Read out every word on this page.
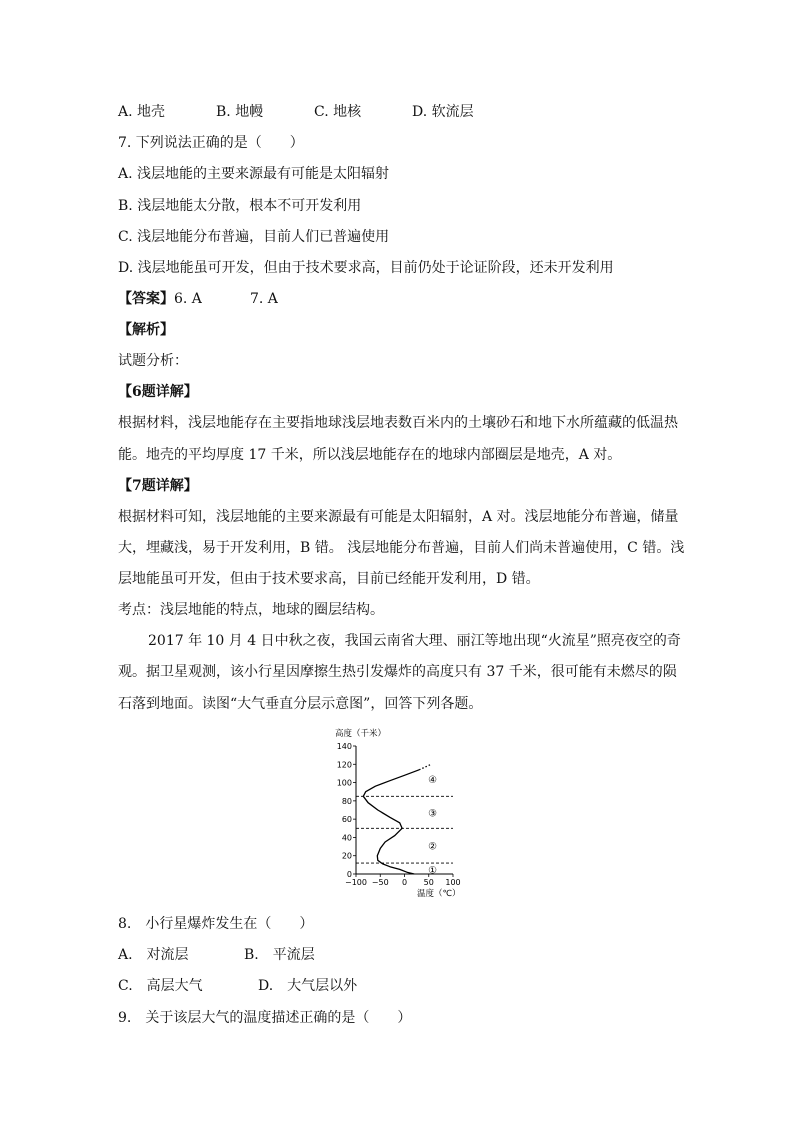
A. 地壳	B. 地幔	C. 地核	D. 软流层
7. 下列说法正确的是（　　）
A. 浅层地能的主要来源最有可能是太阳辐射
B. 浅层地能太分散，根本不可开发利用
C. 浅层地能分布普遍，目前人们已普遍使用
D. 浅层地能虽可开发，但由于技术要求高，目前仍处于论证阶段，还未开发利用
【答案】6. A	7. A
【解析】
试题分析：
【6题详解】
根据材料，浅层地能存在主要指地球浅层地表数百米内的土壤砂石和地下水所蕴藏的低温热
能。地壳的平均厚度 17 千米，所以浅层地能存在的地球内部圈层是地壳，A 对。
【7题详解】
根据材料可知，浅层地能的主要来源最有可能是太阳辐射，A 对。浅层地能分布普遍，储量
大，埋藏浅，易于开发利用，B 错。 浅层地能分布普遍，目前人们尚未普遍使用，C 错。浅
层地能虽可开发，但由于技术要求高，目前已经能开发利用，D 错。
考点：浅层地能的特点，地球的圈层结构。
2017 年 10 月 4 日中秋之夜，我国云南省大理、丽江等地出现“火流星”照亮夜空的奇
观。据卫星观测，该小行星因摩擦生热引发爆炸的高度只有 37 千米，很可能有未燃尽的陨
石落到地面。读图“大气垂直分层示意图”，回答下列各题。
0
20
40
60
80
100
120
140
−100 −50 0 50 100
高度（千米）
温度（℃）
①
②
③
④
8.　小行星爆炸发生在（　　）
A.　对流层	B.　平流层
C.　高层大气	D.　大气层以外
9.　关于该层大气的温度描述正确的是（　　）
